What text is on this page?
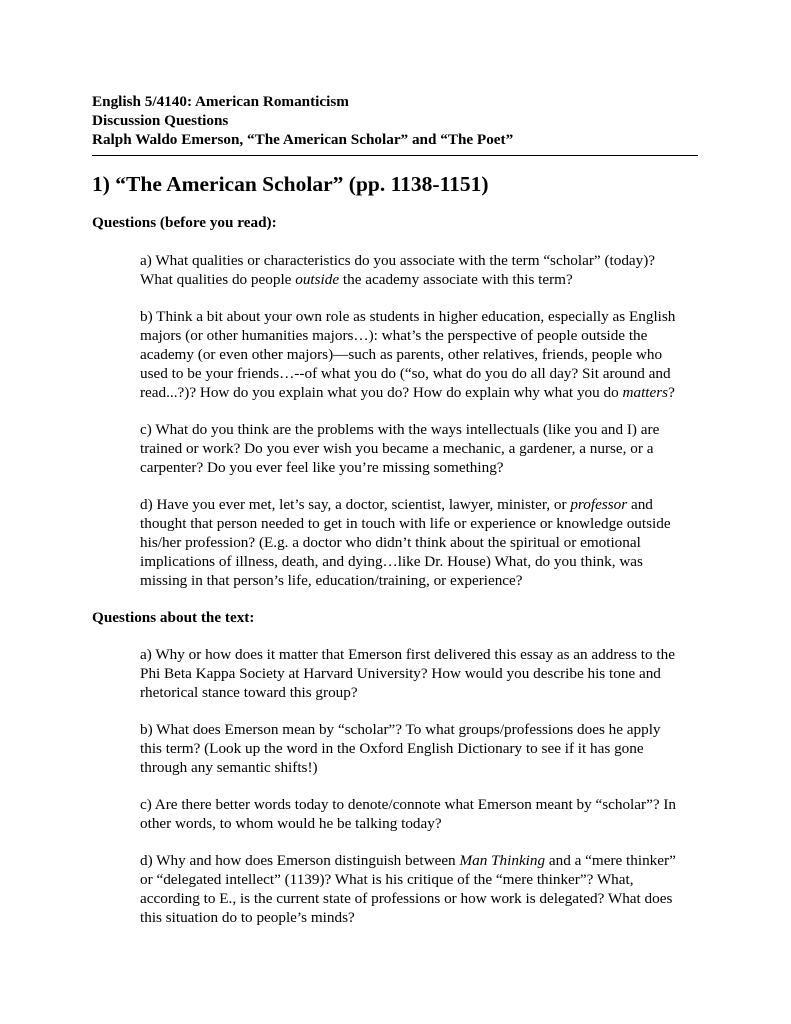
English 5/4140: American Romanticism
Discussion Questions
Ralph Waldo Emerson, “The American Scholar” and “The Poet”
1) “The American Scholar” (pp. 1138-1151)
Questions (before you read):
a) What qualities or characteristics do you associate with the term “scholar” (today)?
What qualities do people outside the academy associate with this term?
b) Think a bit about your own role as students in higher education, especially as English
majors (or other humanities majors…): what’s the perspective of people outside the
academy (or even other majors)—such as parents, other relatives, friends, people who
used to be your friends…--of what you do (“so, what do you do all day? Sit around and
read...?)? How do you explain what you do? How do explain why what you do matters?
c) What do you think are the problems with the ways intellectuals (like you and I) are
trained or work? Do you ever wish you became a mechanic, a gardener, a nurse, or a
carpenter? Do you ever feel like you’re missing something?
d) Have you ever met, let’s say, a doctor, scientist, lawyer, minister, or professor and
thought that person needed to get in touch with life or experience or knowledge outside
his/her profession? (E.g. a doctor who didn’t think about the spiritual or emotional
implications of illness, death, and dying…like Dr. House) What, do you think, was
missing in that person’s life, education/training, or experience?
Questions about the text:
a) Why or how does it matter that Emerson first delivered this essay as an address to the
Phi Beta Kappa Society at Harvard University? How would you describe his tone and
rhetorical stance toward this group?
b) What does Emerson mean by “scholar”? To what groups/professions does he apply
this term? (Look up the word in the Oxford English Dictionary to see if it has gone
through any semantic shifts!)
c) Are there better words today to denote/connote what Emerson meant by “scholar”? In
other words, to whom would he be talking today?
d) Why and how does Emerson distinguish between Man Thinking and a “mere thinker”
or “delegated intellect” (1139)? What is his critique of the “mere thinker”? What,
according to E., is the current state of professions or how work is delegated? What does
this situation do to people’s minds?
